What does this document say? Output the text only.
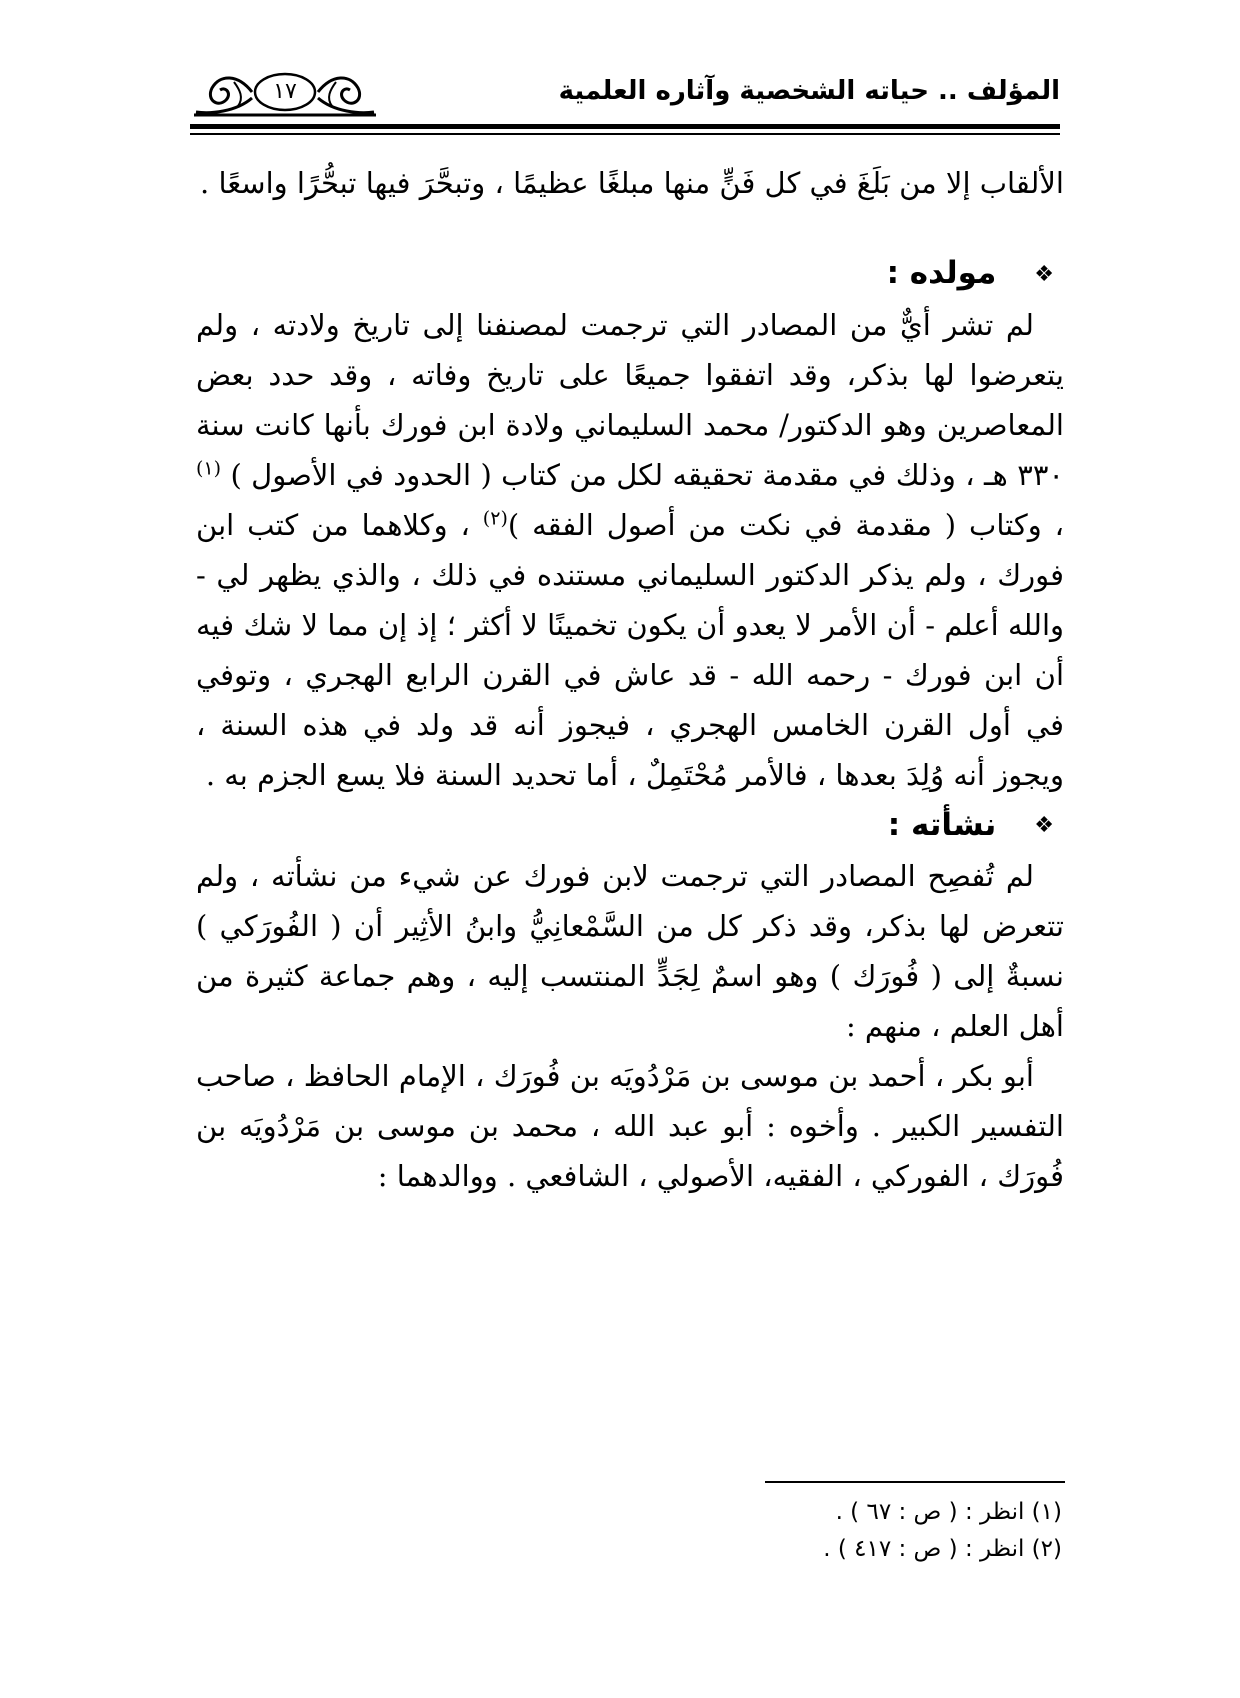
المؤلف .. حياته الشخصية وآثاره العلمية
١٧

الألقاب إلا من بَلَغَ في كل فَنٍّ منها مبلغًا عظيمًا ، وتبحَّرَ فيها تبحُّرًا واسعًا .

❖مولده :

لم تشر أيٌّ من المصادر التي ترجمت لمصنفنا إلى تاريخ ولادته ، ولم يتعرضوا لها بذكر، وقد اتفقوا جميعًا على تاريخ وفاته ، وقد حدد بعض المعاصرين وهو الدكتور/ محمد السليماني ولادة ابن فورك بأنها كانت سنة ٣٣٠ هـ ، وذلك في مقدمة تحقيقه لكل من كتاب ( الحدود في الأصول ) $^{(١)}$ ، وكتاب ( مقدمة في نكت من أصول الفقه )$^{(٢)}$ ، وكلاهما من كتب ابن فورك ، ولم يذكر الدكتور السليماني مستنده في ذلك ، والذي يظهر لي - والله أعلم - أن الأمر لا يعدو أن يكون تخمينًا لا أكثر ؛ إذ إن مما لا شك فيه أن ابن فورك - رحمه الله - قد عاش في القرن الرابع الهجري ، وتوفي في أول القرن الخامس الهجري ، فيجوز أنه قد ولد في هذه السنة ، ويجوز أنه وُلِدَ بعدها ، فالأمر مُحْتَمِلٌ ، أما تحديد السنة فلا يسع الجزم به .

❖نشأته :

لم تُفصِح المصادر التي ترجمت لابن فورك عن شيء من نشأته ، ولم تتعرض لها بذكر، وقد ذكر كل من السَّمْعانِيُّ وابنُ الأثِير أن ( الفُورَكي ) نسبةٌ إلى ( فُورَك ) وهو اسمٌ لِجَدٍّ المنتسب إليه ، وهم جماعة كثيرة من أهل العلم ، منهم :

أبو بكر ، أحمد بن موسى بن مَرْدُويَه بن فُورَك ، الإمام الحافظ ، صاحب التفسير الكبير . وأخوه : أبو عبد الله ، محمد بن موسى بن مَرْدُويَه بن فُورَك ، الفوركي ، الفقيه، الأصولي ، الشافعي . ووالدهما :

(١) انظر : ( ص : ٦٧ ) .
(٢) انظر : ( ص : ٤١٧ ) .
